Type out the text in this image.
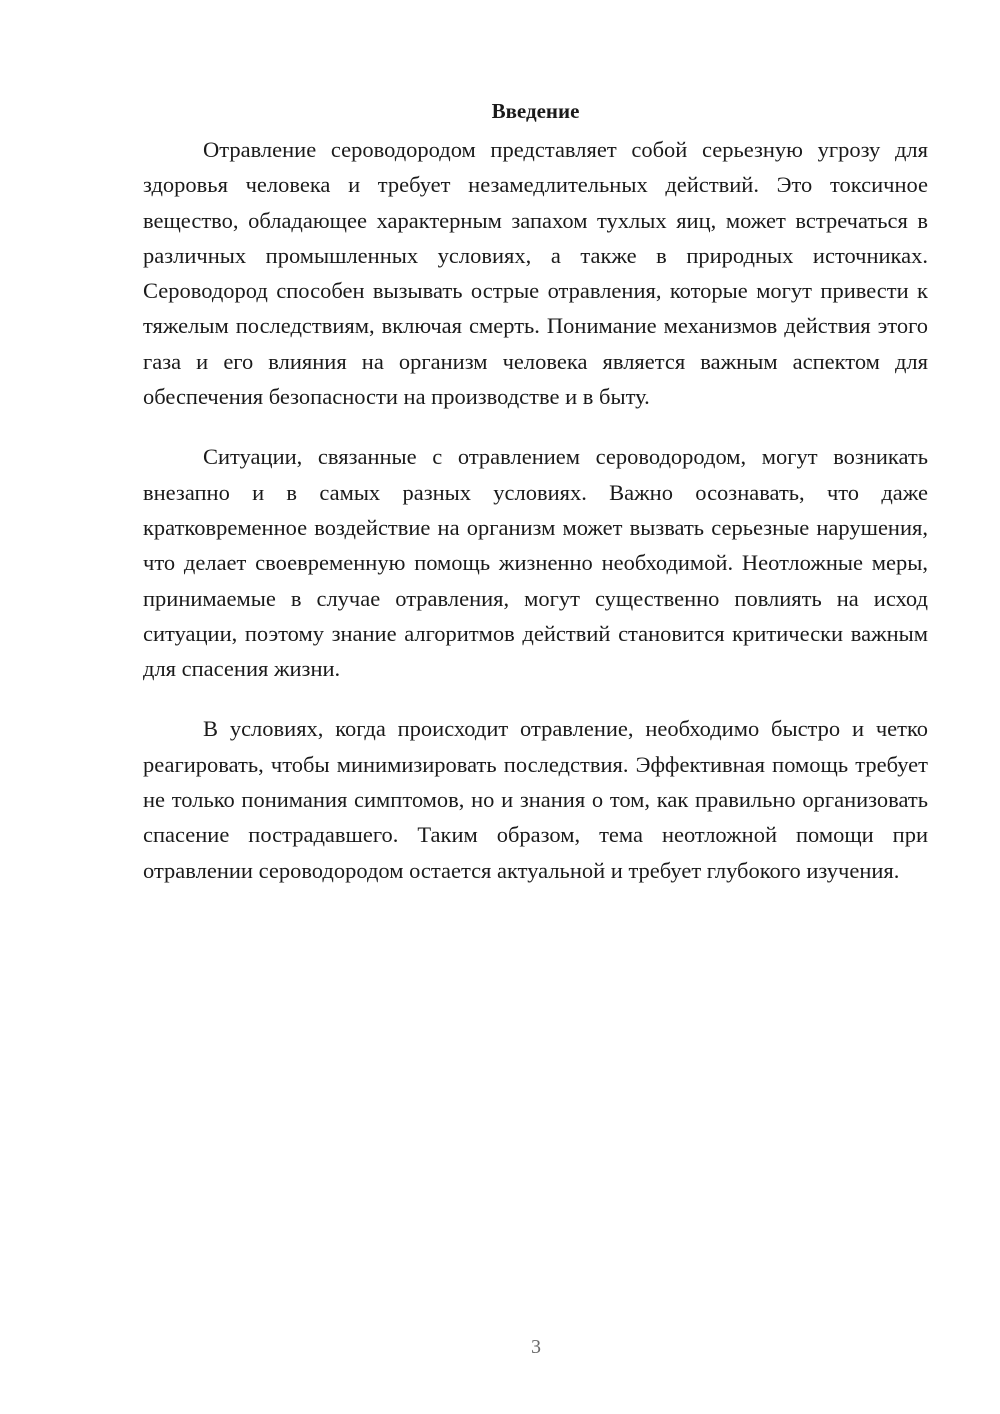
Введение

Отравление сероводородом представляет собой серьезную угрозу для здоровья человека и требует незамедлительных действий. Это токсичное вещество, обладающее характерным запахом тухлых яиц, может встречаться в различных промышленных условиях, а также в природных источниках. Сероводород способен вызывать острые отравления, которые могут привести к тяжелым последствиям, включая смерть. Понимание механизмов действия этого газа и его влияния на организм человека является важным аспектом для обеспечения безопасности на производстве и в быту.

Ситуации, связанные с отравлением сероводородом, могут возникать внезапно и в самых разных условиях. Важно осознавать, что даже кратковременное воздействие на организм может вызвать серьезные нарушения, что делает своевременную помощь жизненно необходимой. Неотложные меры, принимаемые в случае отравления, могут существенно повлиять на исход ситуации, поэтому знание алгоритмов действий становится критически важным для спасения жизни.

В условиях, когда происходит отравление, необходимо быстро и четко реагировать, чтобы минимизировать последствия. Эффективная помощь требует не только понимания симптомов, но и знания о том, как правильно организовать спасение пострадавшего. Таким образом, тема неотложной помощи при отравлении сероводородом остается актуальной и требует глубокого изучения.

3
